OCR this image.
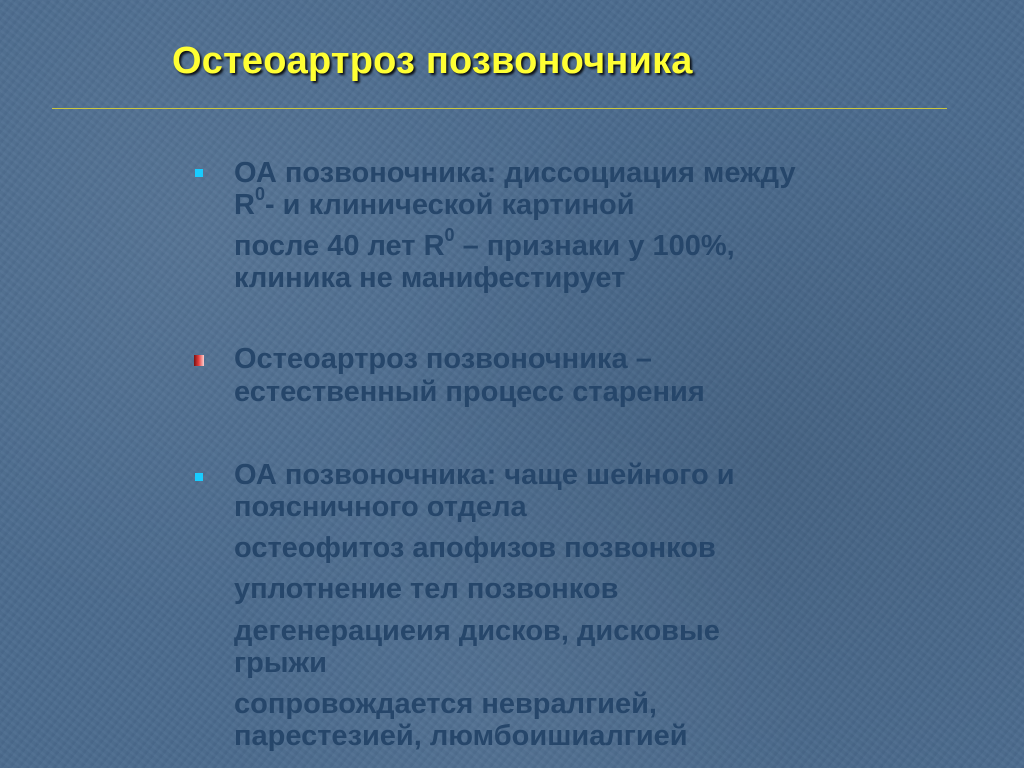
Остеоартроз позвоночника
ОА позвоночника: диссоциация между
$R^0-$ и клинической картиной
после 40 лет $R^0$ – признаки у 100%,
клиника не манифестирует
Остеоартроз позвоночника –
естественный процесс старения
ОА позвоночника: чаще шейного и
поясничного отдела
остеофитоз апофизов позвонков
уплотнение тел позвонков
дегенерациеия дисков, дисковые
грыжи
сопровождается невралгией,
парестезией, люмбоишиалгией
